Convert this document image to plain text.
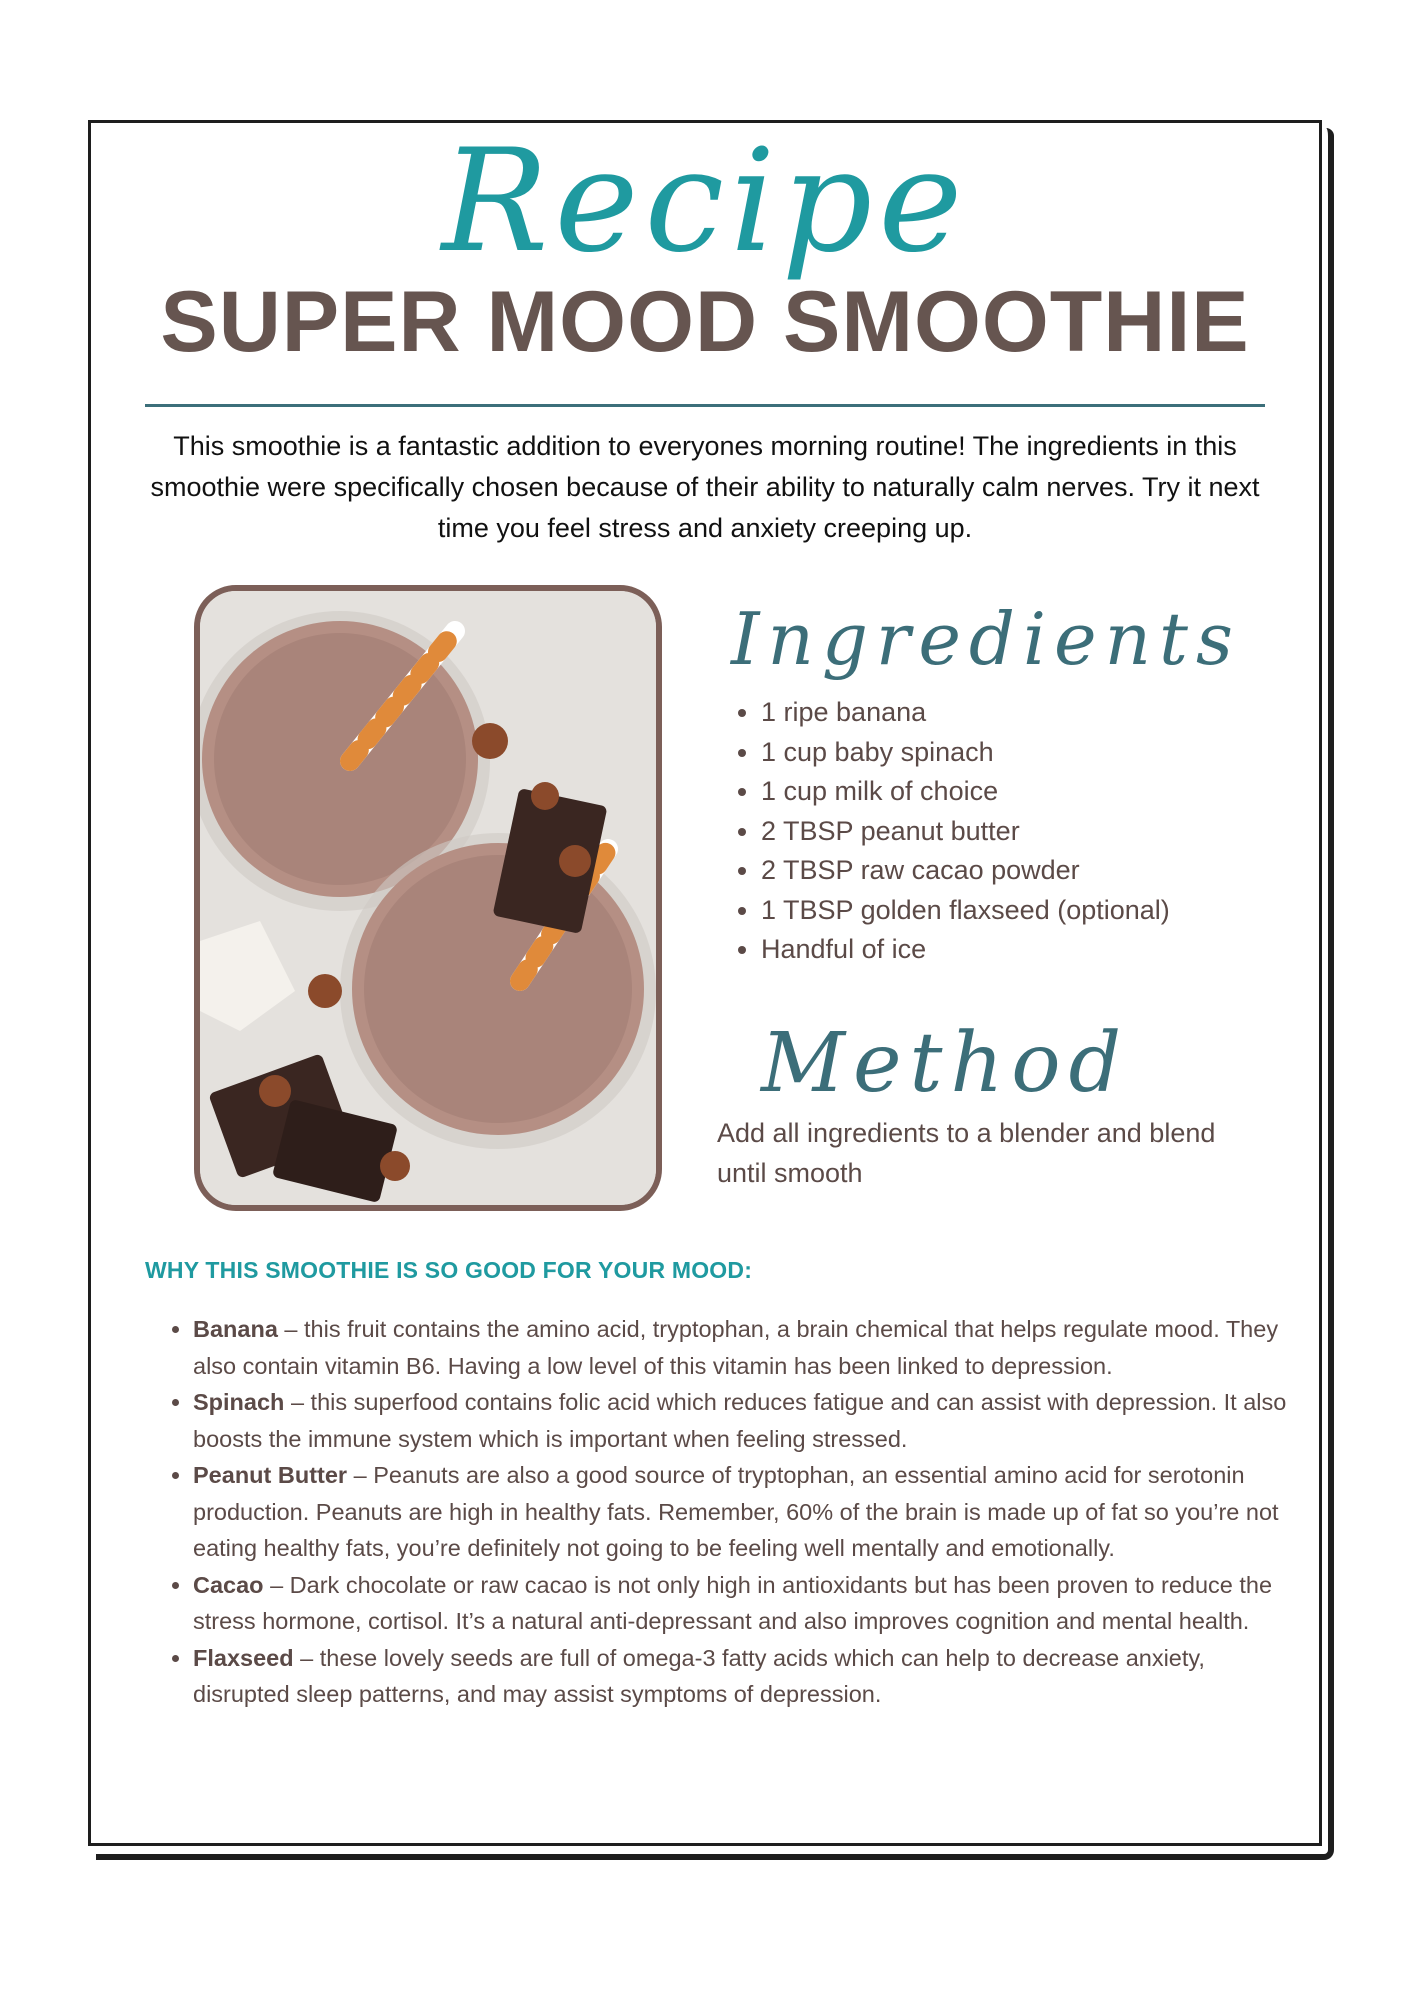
Recipe
SUPER MOOD SMOOTHIE

This smoothie is a fantastic addition to everyones morning routine! The ingredients in this smoothie were specifically chosen because of their ability to naturally calm nerves. Try it next time you feel stress and anxiety creeping up.

Ingredients
• 1 ripe banana
• 1 cup baby spinach
• 1 cup milk of choice
• 2 TBSP peanut butter
• 2 TBSP raw cacao powder
• 1 TBSP golden flaxseed (optional)
• Handful of ice
Method

Add all ingredients to a blender and blend until smooth

WHY THIS SMOOTHIE IS SO GOOD FOR YOUR MOOD:
• Banana – this fruit contains the amino acid, tryptophan, a brain chemical that helps regulate mood. They also contain vitamin B6. Having a low level of this vitamin has been linked to depression.
• Spinach – this superfood contains folic acid which reduces fatigue and can assist with depression. It also boosts the immune system which is important when feeling stressed.
• Peanut Butter – Peanuts are also a good source of tryptophan, an essential amino acid for serotonin production. Peanuts are high in healthy fats. Remember, 60% of the brain is made up of fat so you’re not eating healthy fats, you’re definitely not going to be feeling well mentally and emotionally.
• Cacao – Dark chocolate or raw cacao is not only high in antioxidants but has been proven to reduce the stress hormone, cortisol. It’s a natural anti-depressant and also improves cognition and mental health.
• Flaxseed – these lovely seeds are full of omega-3 fatty acids which can help to decrease anxiety, disrupted sleep patterns, and may assist symptoms of depression.
